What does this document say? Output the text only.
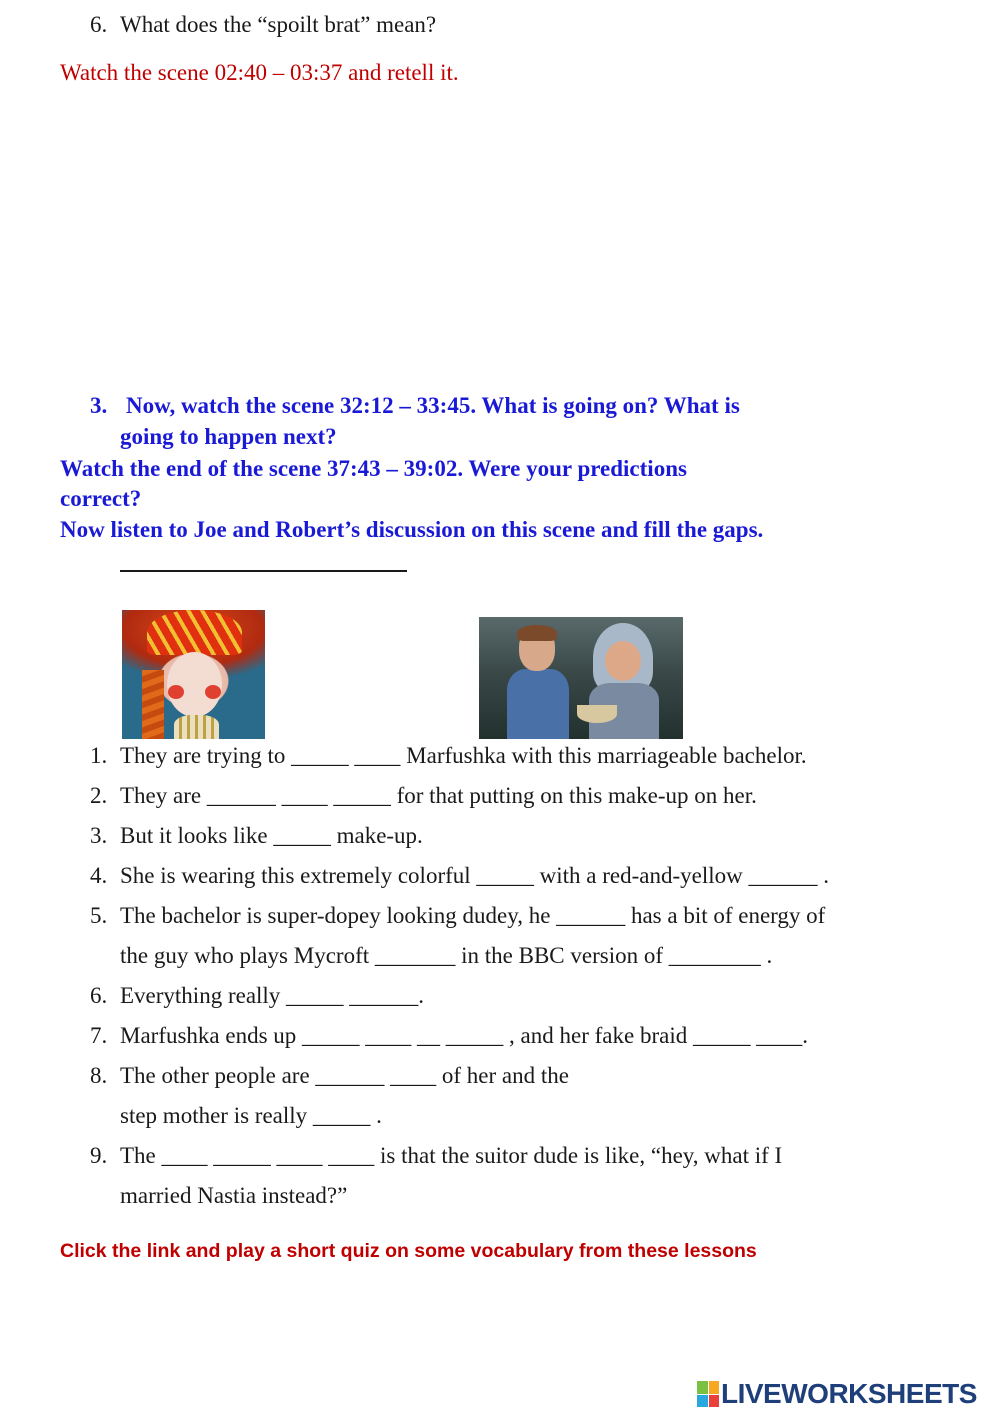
6. What does the “spoilt brat” mean?
Watch the scene 02:40 – 03:37 and retell it.
3. Now, watch the scene 32:12 – 33:45. What is going on? What is
going to happen next?
Watch the end of the scene 37:43 – 39:02. Were your predictions
correct?
Now listen to Joe and Robert’s discussion on this scene and fill the gaps.
1. They are trying to _____ ____ Marfushka with this marriageable bachelor.
2. They are ______ ____ _____ for that putting on this make-up on her.
3. But it looks like _____ make-up.
4. She is wearing this extremely colorful _____ with a red-and-yellow ______ .
5. The bachelor is super-dopey looking dudey, he ______ has a bit of energy of
the guy who plays Mycroft _______ in the BBC version of ________ .
6. Everything really _____ ______.
7. Marfushka ends up _____ ____ __ _____ , and her fake braid _____ ____.
8. The other people are ______ ____ of her and the
step mother is really _____ .
9. The ____ _____ ____ ____ is that the suitor dude is like, “hey, what if I
married Nastia instead?”
Click the link and play a short quiz on some vocabulary from these lessons
LIVEWORKSHEETS
